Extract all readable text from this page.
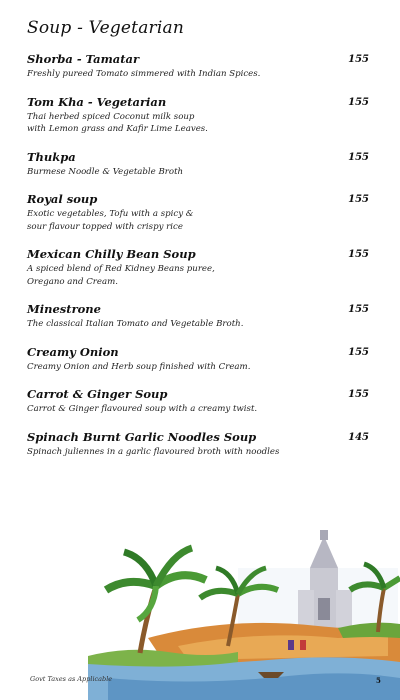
Soup - Vegetarian
Shorba - Tamatar	155
Freshly pureed Tomato simmered with Indian Spices.
Tom Kha - Vegetarian	155
Thai herbed spiced Coconut milk soup
with Lemon grass and Kafir Lime Leaves.
Thukpa	155
Burmese Noodle & Vegetable Broth
Royal soup	155
Exotic vegetables, Tofu with a spicy &
sour flavour topped with crispy rice
Mexican Chilly Bean Soup	155
A spiced blend of Red Kidney Beans puree,
Oregano and Cream.
Minestrone	155
The classical Italian Tomato and Vegetable Broth.
Creamy Onion	155
Creamy Onion and Herb soup finished with Cream.
Carrot & Ginger Soup	155
Carrot & Ginger flavoured soup with a creamy twist.
Spinach Burnt Garlic Noodles Soup	145
Spinach juliennes in a garlic flavoured broth with noodles
Govt Taxes as Applicable	5
